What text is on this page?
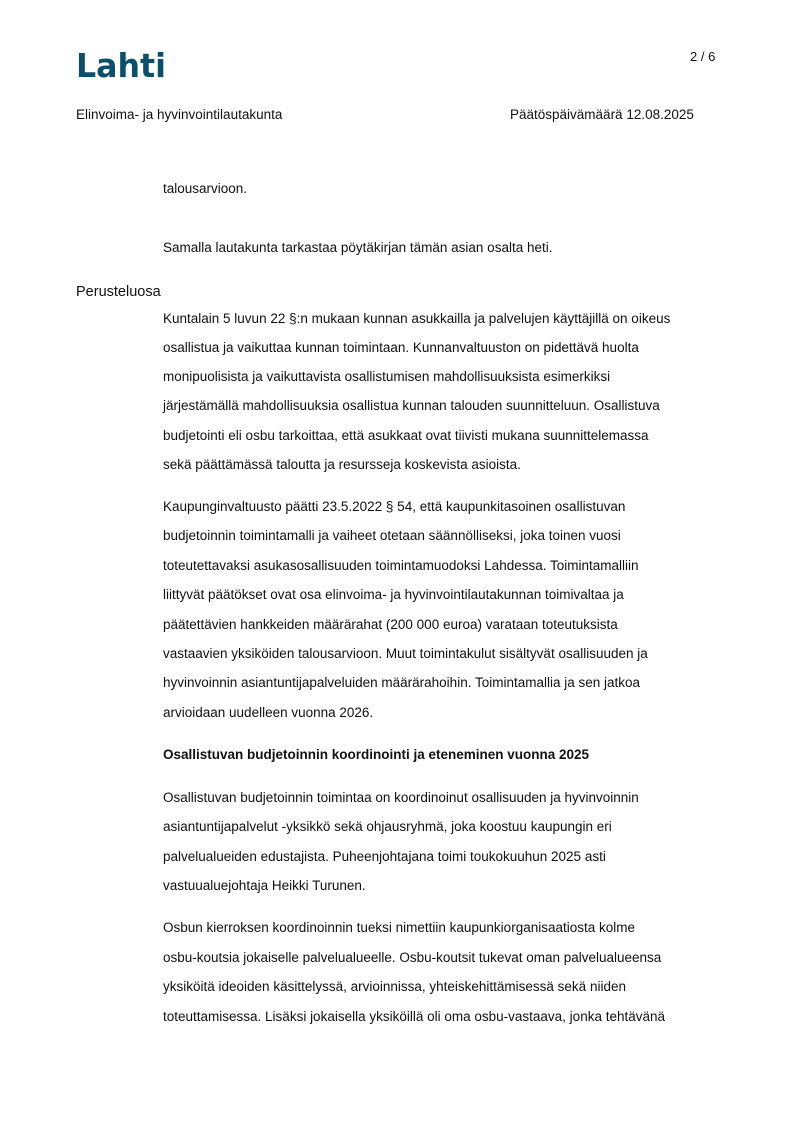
Lahti	2 / 6
Elinvoima- ja hyvinvointilautakunta	Päätöspäivämäärä 12.08.2025
talousarvioon.
Samalla lautakunta tarkastaa pöytäkirjan tämän asian osalta heti.
Perusteluosa
Kuntalain 5 luvun 22 §:n mukaan kunnan asukkailla ja palvelujen käyttäjillä on oikeus
osallistua ja vaikuttaa kunnan toimintaan. Kunnanvaltuuston on pidettävä huolta
monipuolisista ja vaikuttavista osallistumisen mahdollisuuksista esimerkiksi
järjestämällä mahdollisuuksia osallistua kunnan talouden suunnitteluun. Osallistuva
budjetointi eli osbu tarkoittaa, että asukkaat ovat tiivisti mukana suunnittelemassa
sekä päättämässä taloutta ja resursseja koskevista asioista.
Kaupunginvaltuusto päätti 23.5.2022 § 54, että kaupunkitasoinen osallistuvan
budjetoinnin toimintamalli ja vaiheet otetaan säännölliseksi, joka toinen vuosi
toteutettavaksi asukasosallisuuden toimintamuodoksi Lahdessa. Toimintamalliin
liittyvät päätökset ovat osa elinvoima- ja hyvinvointilautakunnan toimivaltaa ja
päätettävien hankkeiden määrärahat (200 000 euroa) varataan toteutuksista
vastaavien yksiköiden talousarvioon. Muut toimintakulut sisältyvät osallisuuden ja
hyvinvoinnin asiantuntijapalveluiden määrärahoihin. Toimintamallia ja sen jatkoa
arvioidaan uudelleen vuonna 2026.
Osallistuvan budjetoinnin koordinointi ja eteneminen vuonna 2025
Osallistuvan budjetoinnin toimintaa on koordinoinut osallisuuden ja hyvinvoinnin
asiantuntijapalvelut -yksikkö sekä ohjausryhmä, joka koostuu kaupungin eri
palvelualueiden edustajista. Puheenjohtajana toimi toukokuuhun 2025 asti
vastuualuejohtaja Heikki Turunen.
Osbun kierroksen koordinoinnin tueksi nimettiin kaupunkiorganisaatiosta kolme
osbu-koutsia jokaiselle palvelualueelle. Osbu-koutsit tukevat oman palvelualueensa
yksiköitä ideoiden käsittelyssä, arvioinnissa, yhteiskehittämisessä sekä niiden
toteuttamisessa. Lisäksi jokaisella yksiköillä oli oma osbu-vastaava, jonka tehtävänä
